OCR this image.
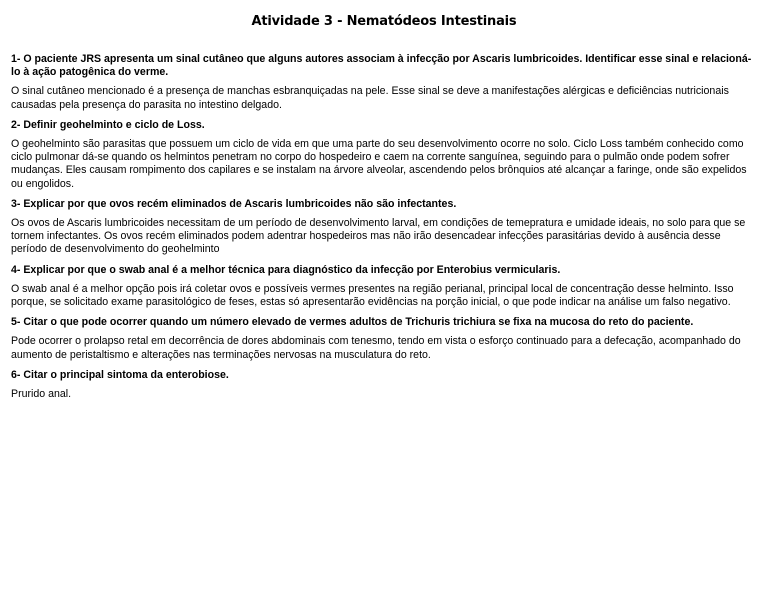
Atividade 3 - Nematódeos Intestinais

1- O paciente JRS apresenta um sinal cutâneo que alguns autores associam à infecção por Ascaris lumbricoides. Identificar esse sinal e relacioná-lo à ação patogênica do verme.

O sinal cutâneo mencionado é a presença de manchas esbranquiçadas na pele. Esse sinal se deve a manifestações alérgicas e deficiências nutricionais causadas pela presença do parasita no intestino delgado.

2- Definir geohelminto e ciclo de Loss.

O geohelminto são parasitas que possuem um ciclo de vida em que uma parte do seu desenvolvimento ocorre no solo. Ciclo Loss também conhecido como ciclo pulmonar dá-se quando os helmintos penetram no corpo do hospedeiro e caem na corrente sanguínea, seguindo para o pulmão onde podem sofrer mudanças. Eles causam rompimento dos capilares e se instalam na árvore alveolar, ascendendo pelos brônquios até alcançar a faringe, onde são expelidos ou engolidos.

3- Explicar por que ovos recém eliminados de Ascaris lumbricoides não são infectantes.

Os ovos de Ascaris lumbricoides necessitam de um período de desenvolvimento larval, em condições de temepratura e umidade ideais, no solo para que se tornem infectantes. Os ovos recém eliminados podem adentrar hospedeiros mas não irão desencadear infecções parasitárias devido à ausência desse período de desenvolvimento do geohelminto

4- Explicar por que o swab anal é a melhor técnica para diagnóstico da infecção por Enterobius vermicularis.

O swab anal é a melhor opção pois irá coletar ovos e possíveis vermes presentes na região perianal, principal local de concentração desse helminto. Isso porque, se solicitado exame parasitológico de feses, estas só apresentarão evidências na porção inicial, o que pode indicar na análise um falso negativo.

5- Citar o que pode ocorrer quando um número elevado de vermes adultos de Trichuris trichiura se fixa na mucosa do reto do paciente.

Pode ocorrer o prolapso retal em decorrência de dores abdominais com tenesmo, tendo em vista o esforço continuado para a defecação, acompanhado do aumento de peristaltismo e alterações nas terminações nervosas na musculatura do reto.

6- Citar o principal sintoma da enterobiose.

Prurido anal.
